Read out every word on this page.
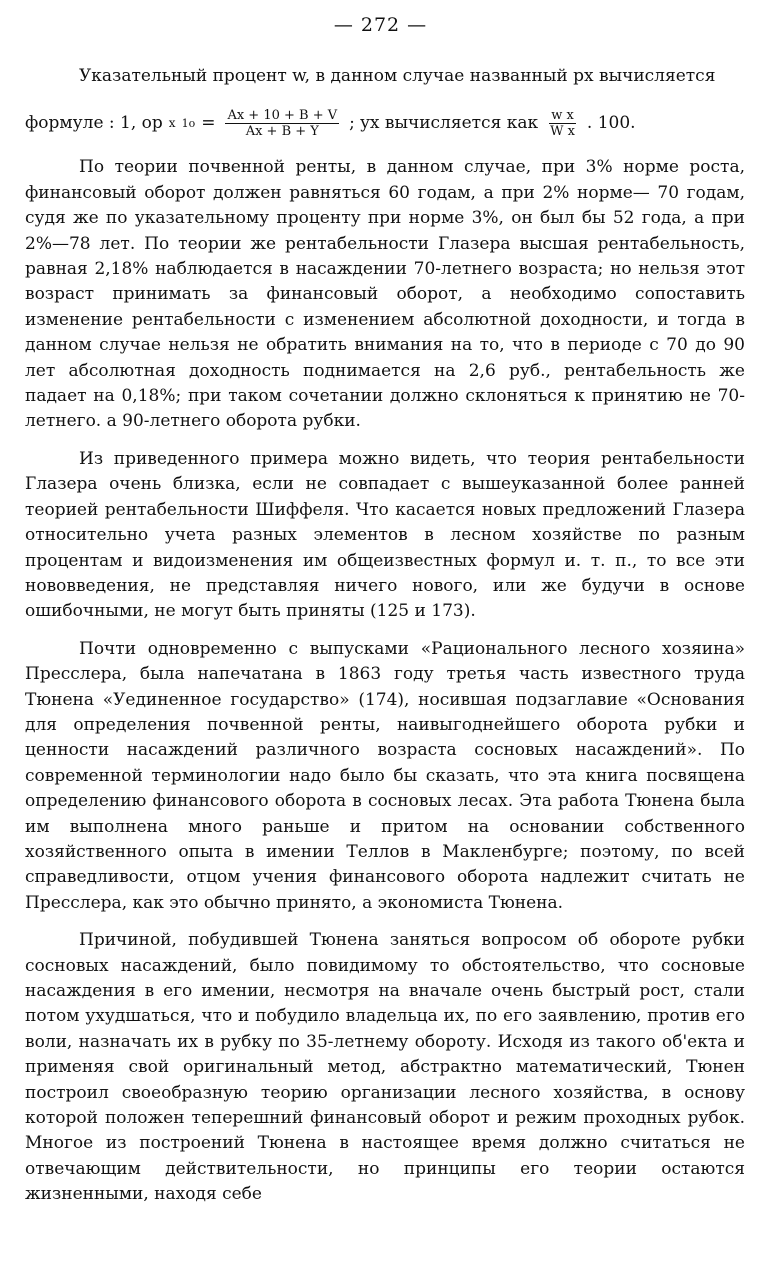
— 272 —

Указательный процент w, в данном случае названный pх вычисляется

формуле : 1, op x $1o = \frac{Ax + 10 + B + V}{Ax + B + Y}$ ; yx вычисляется как $\frac{\text{w x}}{\text{W x}}$ . 100.

По теории почвенной ренты, в данном случае, при 3% норме роста, финансовый оборот должен равняться 60 годам, а при 2% норме— 70 годам, судя же по указательному проценту при норме 3%, он был бы 52 года, а при 2%—78 лет. По теории же рентабельности Глазера высшая рентабельность, равная 2,18% наблюдается в насаждении 70-летнего возраста; но нельзя этот возраст принимать за финансовый оборот, а необходимо сопоставить изменение рентабельности с изменением абсолютной доходности, и тогда в данном случае нельзя не обратить внимания на то, что в периоде с 70 до 90 лет абсолютная доходность поднимается на 2,6 руб., рентабельность же падает на 0,18%; при таком сочетании должно склоняться к принятию не 70-летнего. а 90-летнего оборота рубки.

Из приведенного примера можно видеть, что теория рентабельности Глазера очень близка, если не совпадает с вышеуказанной более ранней теорией рентабельности Шиффеля. Что касается новых предложений Глазера относительно учета разных элементов в лесном хозяйстве по разным процентам и видоизменения им общеизвестных формул и. т. п., то все эти нововведения, не представляя ничего нового, или же будучи в основе ошибочными, не могут быть приняты (125 и 173).

Почти одновременно с выпусками «Рационального лесного хозяина» Пресслера, была напечатана в 1863 году третья часть известного труда Тюнена «Уединенное государство» (174), носившая подзаглавие «Основания для определения почвенной ренты, наивыгоднейшего оборота рубки и ценности насаждений различного возраста сосновых насаждений». По современной терминологии надо было бы сказать, что эта книга посвящена определению финансового оборота в сосновых лесах. Эта работа Тюнена была им выполнена много раньше и притом на основании собственного хозяйственного опыта в имении Теллов в Макленбурге; поэтому, по всей справедливости, отцом учения финансового оборота надлежит считать не Пресслера, как это обычно принято, а экономиста Тюнена.

Причиной, побудившей Тюнена заняться вопросом об обороте рубки сосновых насаждений, было повидимому то обстоятельство, что сосновые насаждения в его имении, несмотря на вначале очень быстрый рост, стали потом ухудшаться, что и побудило владельца их, по его заявлению, против его воли, назначать их в рубку по 35-летнему обороту. Исходя из такого об'екта и применяя свой оригинальный метод, абстрактно математический, Тюнен построил своеобразную теорию организации лесного хозяйства, в основу которой положен теперешний финансовый оборот и режим проходных рубок. Многое из построений Тюнена в настоящее время должно считаться не отвечающим действительности, но принципы его теории остаются жизненными, находя себе
